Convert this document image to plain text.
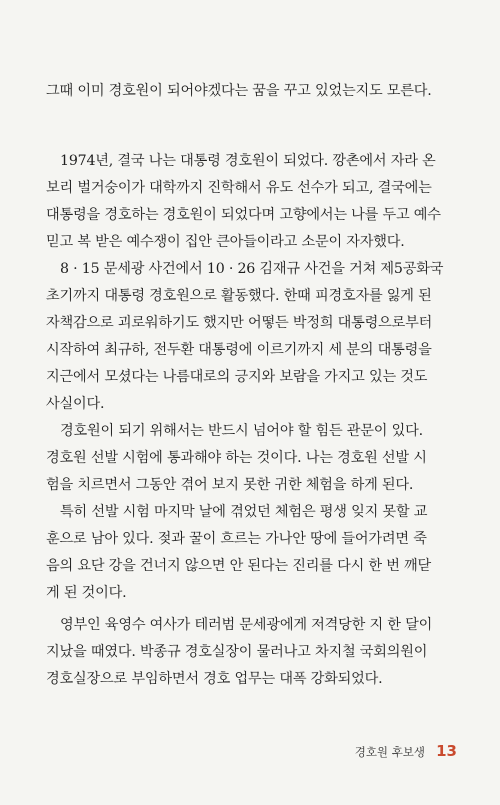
그때 이미 경호원이 되어야겠다는 꿈을 꾸고 있었는지도 모른다.
1974년, 결국 나는 대통령 경호원이 되었다. 깡촌에서 자라 온
보리 벌거숭이가 대학까지 진학해서 유도 선수가 되고, 결국에는
대통령을 경호하는 경호원이 되었다며 고향에서는 나를 두고 예수
믿고 복 받은 예수쟁이 집안 큰아들이라고 소문이 자자했다.
8 · 15 문세광 사건에서 10 · 26 김재규 사건을 거쳐 제5공화국
초기까지 대통령 경호원으로 활동했다. 한때 피경호자를 잃게 된
자책감으로 괴로워하기도 했지만 어떻든 박정희 대통령으로부터
시작하여 최규하, 전두환 대통령에 이르기까지 세 분의 대통령을
지근에서 모셨다는 나름대로의 긍지와 보람을 가지고 있는 것도
사실이다.
경호원이 되기 위해서는 반드시 넘어야 할 힘든 관문이 있다.
경호원 선발 시험에 통과해야 하는 것이다. 나는 경호원 선발 시
험을 치르면서 그동안 겪어 보지 못한 귀한 체험을 하게 된다.
특히 선발 시험 마지막 날에 겪었던 체험은 평생 잊지 못할 교
훈으로 남아 있다. 젖과 꿀이 흐르는 가나안 땅에 들어가려면 죽
음의 요단 강을 건너지 않으면 안 된다는 진리를 다시 한 번 깨닫
게 된 것이다.
영부인 육영수 여사가 테러범 문세광에게 저격당한 지 한 달이
지났을 때였다. 박종규 경호실장이 물러나고 차지철 국회의원이
경호실장으로 부임하면서 경호 업무는 대폭 강화되었다.
경호원 후보생 13
